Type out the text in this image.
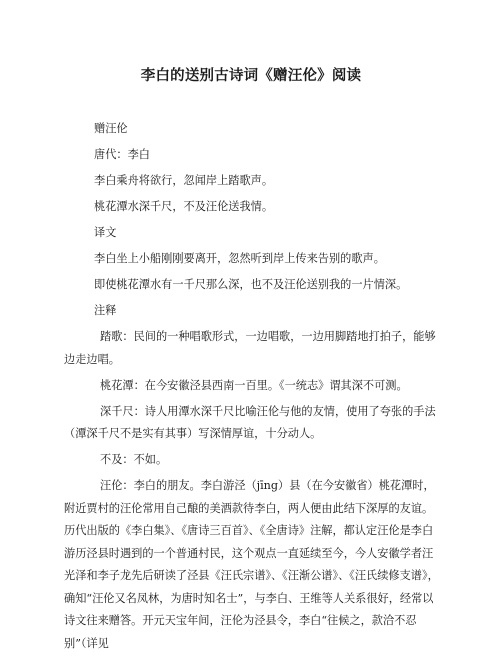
李白的送别古诗词《赠汪伦》阅读

赠汪伦

唐代：李白

李白乘舟将欲行，忽闻岸上踏歌声。

桃花潭水深千尺，不及汪伦送我情。

译文

李白坐上小船刚刚要离开，忽然听到岸上传来告别的歌声。

即使桃花潭水有一千尺那么深，也不及汪伦送别我的一片情深。

注释

踏歌：民间的一种唱歌形式，一边唱歌，一边用脚踏地打拍子，能够边走边唱。

桃花潭：在今安徽泾县西南一百里。《一统志》谓其深不可测。

深千尺：诗人用潭水深千尺比喻汪伦与他的友情，使用了夸张的手法（潭深千尺不是实有其事）写深情厚谊，十分动人。

不及：不如。

汪伦：李白的朋友。李白游泾（jīng）县（在今安徽省）桃花潭时，附近贾村的汪伦常用自己酿的美酒款待李白，两人便由此结下深厚的友谊。历代出版的《李白集》、《唐诗三百首》、《全唐诗》注解，都认定汪伦是李白游历泾县时遇到的一个普通村民，这个观点一直延续至今，今人安徽学者汪光泽和李子龙先后研读了泾县《汪氏宗谱》、《汪渐公谱》、《汪氏续修支谱》，确知“汪伦又名凤林，为唐时知名士”，与李白、王维等人关系很好，经常以诗文往来赠答。开元天宝年间，汪伦为泾县令，李白“往候之，款洽不忍别”（详见
